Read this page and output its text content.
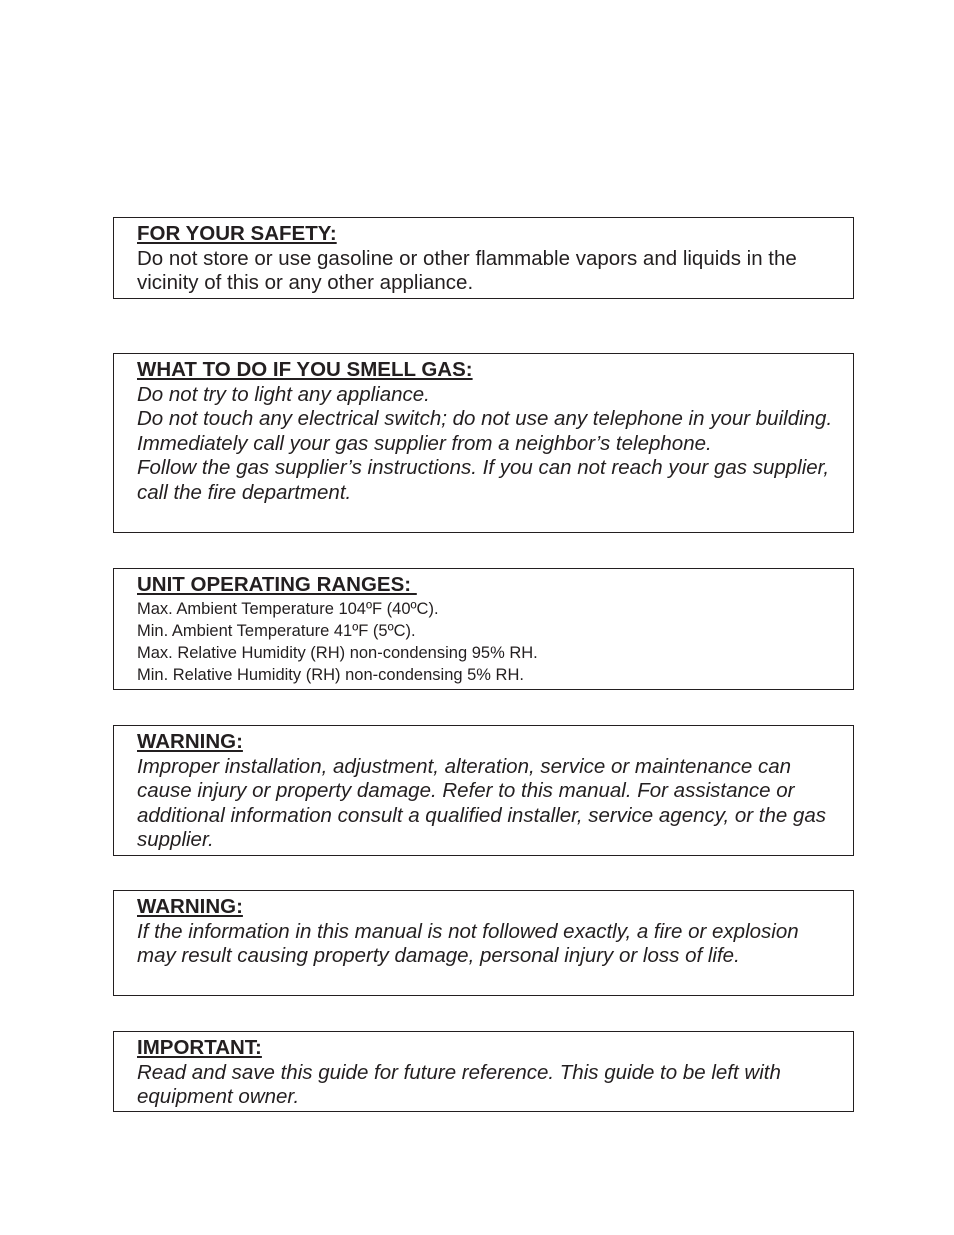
FOR YOUR SAFETY:
Do not store or use gasoline or other flammable vapors and liquids in the vicinity of this or any other appliance.
WHAT TO DO IF YOU SMELL GAS:
Do not try to light any appliance.
Do not touch any electrical switch; do not use any telephone in your building.
Immediately call your gas supplier from a neighbor’s telephone.
Follow the gas supplier’s instructions. If you can not reach your gas supplier, call the fire department.
UNIT OPERATING RANGES:
Max. Ambient Temperature 104ºF (40ºC).
Min. Ambient Temperature 41ºF (5ºC).
Max. Relative Humidity (RH) non-condensing 95% RH.
Min. Relative Humidity (RH) non-condensing 5% RH.
WARNING:
Improper installation, adjustment, alteration, service or maintenance can cause injury or property damage. Refer to this manual. For assistance or additional information consult a qualified installer, service agency, or the gas supplier.
WARNING:
If the information in this manual is not followed exactly, a fire or explosion may result causing property damage, personal injury or loss of life.
IMPORTANT:
Read and save this guide for future reference. This guide to be left with equipment owner.
